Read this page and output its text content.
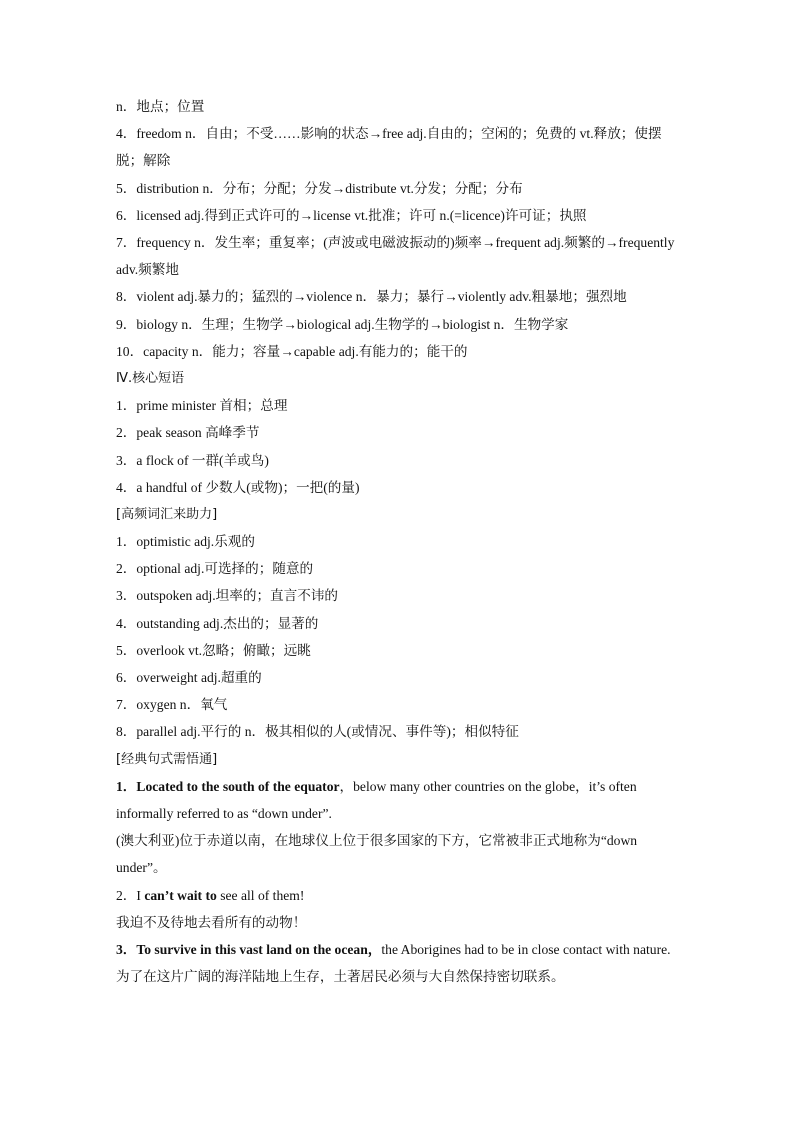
n．地点；位置
4．freedom n．自由；不受……影响的状态→free adj.自由的；空闲的；免费的 vt.释放；使摆脱；解除
5．distribution n．分布；分配；分发→distribute vt.分发；分配；分布
6．licensed adj.得到正式许可的→license vt.批准；许可 n.(=licence)许可证；执照
7．frequency n．发生率；重复率；(声波或电磁波振动的)频率→frequent adj.频繁的→frequently adv.频繁地
8．violent adj.暴力的；猛烈的→violence n．暴力；暴行→violently adv.粗暴地；强烈地
9．biology n．生理；生物学→biological adj.生物学的→biologist n．生物学家
10．capacity n．能力；容量→capable adj.有能力的；能干的
Ⅳ.核心短语
1．prime minister 首相；总理
2．peak season 高峰季节
3．a flock of 一群(羊或鸟)
4．a handful of 少数人(或物)；一把(的量)
[高频词汇来助力]
1．optimistic adj.乐观的
2．optional adj.可选择的；随意的
3．outspoken adj.坦率的；直言不讳的
4．outstanding adj.杰出的；显著的
5．overlook vt.忽略；俯瞰；远眺
6．overweight adj.超重的
7．oxygen n．氧气
8．parallel adj.平行的 n．极其相似的人(或情况、事件等)；相似特征
[经典句式需悟通]
1．Located to the south of the equator，below many other countries on the globe，it’s often informally referred to as “down under”.
(澳大利亚)位于赤道以南，在地球仪上位于很多国家的下方，它常被非正式地称为“down under”。
2．I can’t wait to see all of them!
我迫不及待地去看所有的动物！
3．To survive in this vast land on the ocean，the Aborigines had to be in close contact with nature.
为了在这片广阔的海洋陆地上生存，土著居民必须与大自然保持密切联系。
